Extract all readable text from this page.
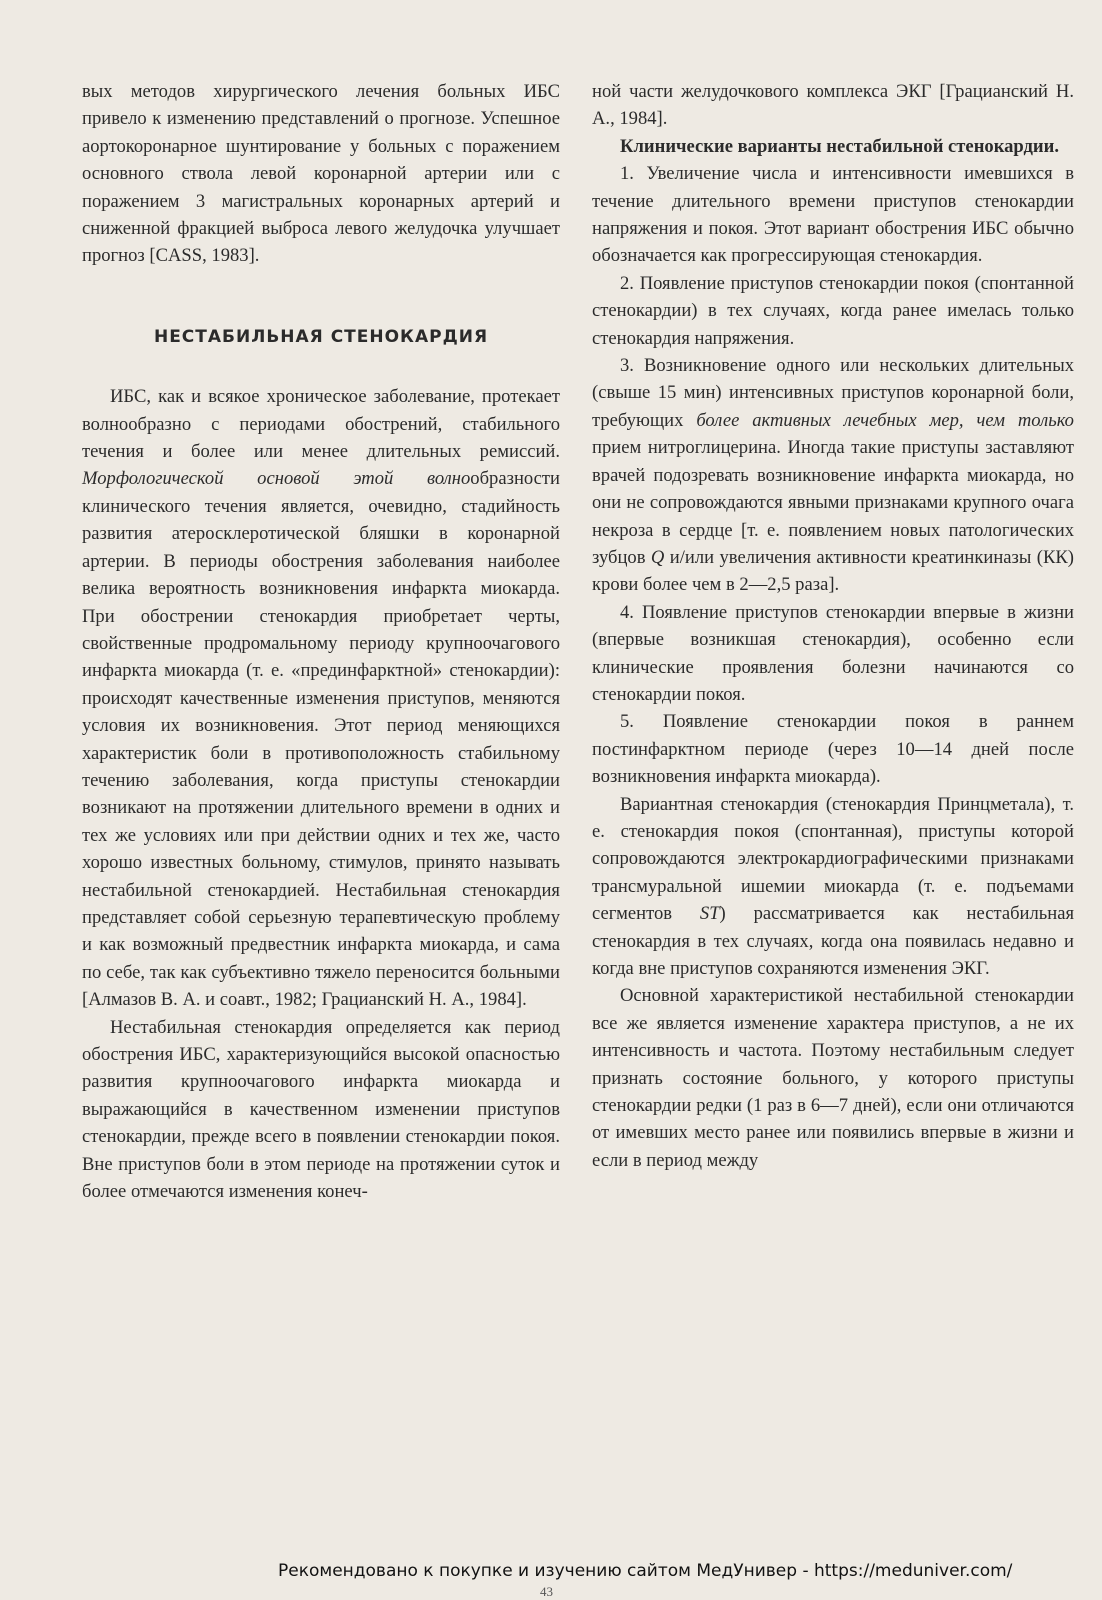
вых методов хирургического лечения больных ИБС привело к изменению представлений о прогнозе. Успешное аортокоронарное шунтирование у больных с поражением основного ствола левой коронарной артерии или с поражением 3 магистральных коронарных артерий и сниженной фракцией выброса левого желудочка улучшает прогноз [CASS, 1983].

НЕСТАБИЛЬНАЯ СТЕНОКАРДИЯ

ИБС, как и всякое хроническое заболевание, протекает волнообразно с периодами обострений, стабильного течения и более или менее длительных ремиссий. Морфологической основой этой волнообразности клинического течения является, очевидно, стадийность развития атеросклеротической бляшки в коронарной артерии. В периоды обострения заболевания наиболее велика вероятность возникновения инфаркта миокарда. При обострении стенокардия приобретает черты, свойственные продромальному периоду крупноочагового инфаркта миокарда (т. е. «прединфарктной» стенокардии): происходят качественные изменения приступов, меняются условия их возникновения. Этот период меняющихся характеристик боли в противоположность стабильному течению заболевания, когда приступы стенокардии возникают на протяжении длительного времени в одних и тех же условиях или при действии одних и тех же, часто хорошо известных больному, стимулов, принято называть нестабильной стенокардией. Нестабильная стенокардия представляет собой серьезную терапевтическую проблему и как возможный предвестник инфаркта миокарда, и сама по себе, так как субъективно тяжело переносится больными [Алмазов В. А. и соавт., 1982; Грацианский Н. А., 1984].

Нестабильная стенокардия определяется как период обострения ИБС, характеризующийся высокой опасностью развития крупноочагового инфаркта миокарда и выражающийся в качественном изменении приступов стенокардии, прежде всего в появлении стенокардии покоя. Вне приступов боли в этом периоде на протяжении суток и более отмечаются изменения конеч-

ной части желудочкового комплекса ЭКГ [Грацианский Н. А., 1984].

Клинические варианты нестабильной стенокардии.

1. Увеличение числа и интенсивности имевшихся в течение длительного времени приступов стенокардии напряжения и покоя. Этот вариант обострения ИБС обычно обозначается как прогрессирующая стенокардия.

2. Появление приступов стенокардии покоя (спонтанной стенокардии) в тех случаях, когда ранее имелась только стенокардия напряжения.

3. Возникновение одного или нескольких длительных (свыше 15 мин) интенсивных приступов коронарной боли, требующих более активных лечебных мер, чем только прием нитроглицерина. Иногда такие приступы заставляют врачей подозревать возникновение инфаркта миокарда, но они не сопровождаются явными признаками крупного очага некроза в сердце [т. е. появлением новых патологических зубцов Q и/или увеличения активности креатинкиназы (КК) крови более чем в 2—2,5 раза].

4. Появление приступов стенокардии впервые в жизни (впервые возникшая стенокардия), особенно если клинические проявления болезни начинаются со стенокардии покоя.

5. Появление стенокардии покоя в раннем постинфарктном периоде (через 10—14 дней после возникновения инфаркта миокарда).

Вариантная стенокардия (стенокардия Принцметала), т. е. стенокардия покоя (спонтанная), приступы которой сопровождаются электрокардиографическими признаками трансмуральной ишемии миокарда (т. е. подъемами сегментов ST) рассматривается как нестабильная стенокардия в тех случаях, когда она появилась недавно и когда вне приступов сохраняются изменения ЭКГ.

Основной характеристикой нестабильной стенокардии все же является изменение характера приступов, а не их интенсивность и частота. Поэтому нестабильным следует признать состояние больного, у которого приступы стенокардии редки (1 раз в 6—7 дней), если они отличаются от имевших место ранее или появились впервые в жизни и если в период между

43
Рекомендовано к покупке и изучению сайтом МедУнивер - https://meduniver.com/
